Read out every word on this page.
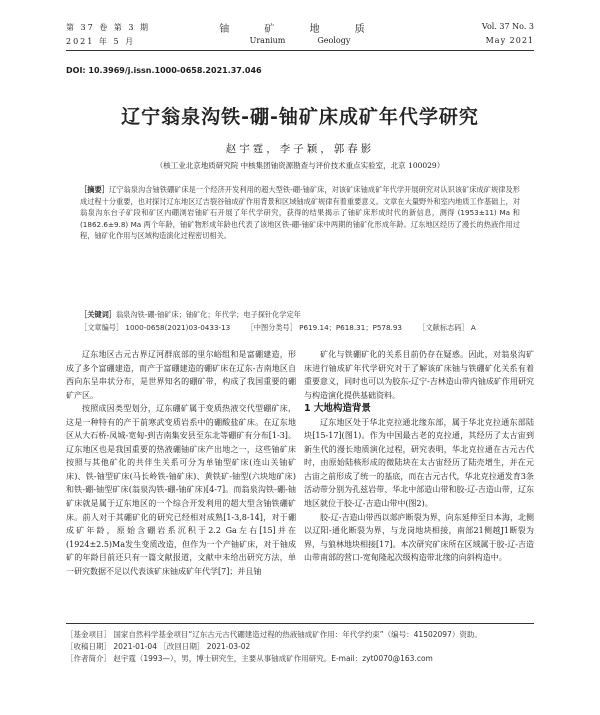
第 37 卷 第 3 期
2021 年 5 月
铀 矿 地 质
Uranium	Geology
Vol. 37 No. 3
May 2021
DOI: 10.3969/j.issn.1000-0658.2021.37.046
辽宁翁泉沟铁-硼-铀矿床成矿年代学研究
赵宇霆，李子颖，郭春影
（核工业北京地质研究院 中核集团铀资源勘查与评价技术重点实验室，北京 100029）
［摘要］辽宁翁泉沟含铀铁硼矿床是一个经济开发利用的超大型铁-硼-铀矿床，对该矿床铀成矿年代学开展研究对认识该矿床成矿规律及形成过程十分重要，也对探讨辽东地区辽吉裂谷铀成矿作用背景和区域铀成矿规律有着重要意义。文章在大量野外和室内地质工作基础上，对翁泉沟东台子矿段和矿区内硼浏岩铀矿石开展了年代学研究，获得的结果揭示了铀矿床形成时代的新信息，测得 (1953±11) Ma 和 (1862.6±9.8) Ma 两个年龄，铀矿物形成年龄也代表了该地区铁-硼-铀矿床中两期的铀矿化形成年龄。辽东地区经历了漫长的热液作用过程，铀矿化作用与区域构造演化过程密切相关。
［关键词］翁泉沟铁-硼-铀矿床；铀矿化；年代学；电子探针化学定年
［文章编号］ 1000-0658(2021)03-0433-13 ［中图分类号］ P619.14；P618.31；P578.93 ［文献标志码］ A

辽东地区古元古界辽河群底部的里尔峪组和是富硼建造，形成了多个富硼建造，而产于富硼建造的硼矿床在辽东-吉南地区自西向东呈串状分布，是世界知名的硼矿带，构成了我国重要的硼矿产区。

按照成因类型划分，辽东硼矿属于变质热液交代型硼矿床，这是一种特有的产于前寒武变质岩系中的硼酸盐矿床。在辽东地区从大石桥-凤城-宽甸-到吉南集安县至东北等硼矿有分布[1-3]。辽东地区也是我国重要的热液硼铀矿床产出地之一，这些铀矿床按照与其他矿化的共伴生关系可分为单铀型矿床(连山关铀矿床)、铁-铀型矿床(马长岭铁-铀矿床)、黄铁矿-铀型(六块地矿床)和铁-硼-铀型矿床(翁泉沟铁-硼-铀矿床)[4-7]。而翁泉沟铁-硼-铀矿床就是属于辽东地区的一个综合开发利用的超大型含铀铁硼矿床。前人对于其硼矿化的研究已经相对成熟[1-3,8-14]，对于硼成矿年龄，原始含硼岩系沉积于2.2 Ga左右[15]并在(1924±2.5)Ma发生变质改造，但作为一个产铀矿床，对于铀成矿的年龄目前还只有一篇文献报道，文献中未给出研究方法，单一研究数据不足以代表该矿床铀成矿年代学[7]；并且铀

矿化与铁硼矿化的关系目前仍存在疑惑。因此，对翁泉沟矿床进行铀成矿年代学研究对于了解该矿床铀与铁硼矿化关系有着重要意义，同时也可以为胶东-辽宁-吉林造山带内铀成矿作用研究与构造演化提供基础资料。

1 大地构造背景

辽东地区处于华北克拉通北缘东部，属于华北克拉通东部陆块[15-17](图1)。作为中国最古老的克拉通，其经历了太古宙到新生代的漫长地质演化过程，研究表明，华北克拉通在古元古代时，由原始陆核形成的微陆块在太古宙经历了陆壳增生，并在元古宙之前形成了统一的基底，而在古元古代，华北克拉通发育3条活动带分别为孔兹岩带、华北中部造山带和胶-辽-吉造山带，辽东地区就位于胶-辽-吉造山带中(图2)。

胶-辽-吉造山带西以郯庐断裂为界，向东延伸至日本海，北侧以辽阳-通化断裂为界，与龙岗地块相接，南部21侧越J1断裂为界，与狼林地块相接[17]。本次研究矿床所在区域属于胶-辽-吉造山带南部的营口-宽甸隆起次级构造带北缘的向斜构造中。

［基金项目］ 国家自然科学基金项目“辽东古元古代硼建造过程的热液铀成矿作用：年代学约束”（编号：41502097）资助。
［收稿日期］ 2021-01-04 ［改回日期］ 2021-03-02
［作者简介］ 赵宇霆（1993—），男，博士研究生，主要从事铀成矿作用研究。E-mail：zyt0070@163.com
